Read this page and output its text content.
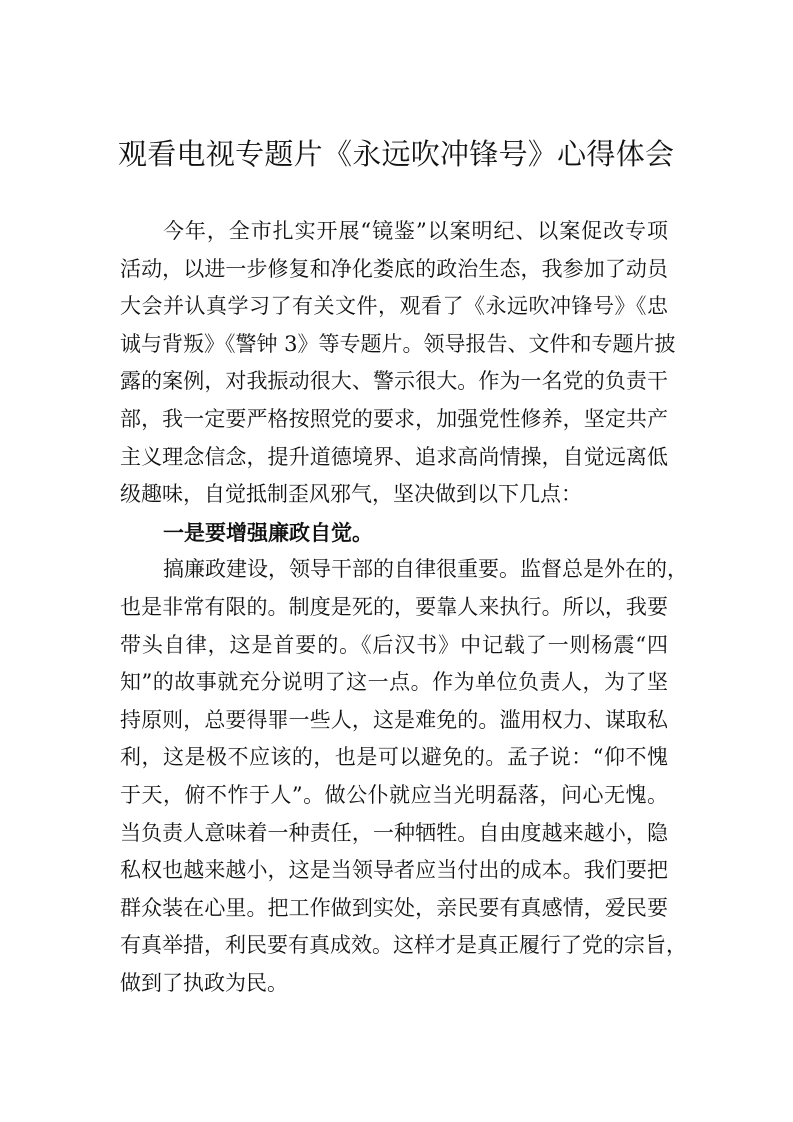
观看电视专题片《永远吹冲锋号》心得体会
今年，全市扎实开展“镜鉴”以案明纪、以案促改专项
活动，以进一步修复和净化娄底的政治生态，我参加了动员
大会并认真学习了有关文件，观看了《永远吹冲锋号》《忠
诚与背叛》《警钟 3》等专题片。领导报告、文件和专题片披
露的案例，对我振动很大、警示很大。作为一名党的负责干
部，我一定要严格按照党的要求，加强党性修养，坚定共产
主义理念信念，提升道德境界、追求高尚情操，自觉远离低
级趣味，自觉抵制歪风邪气，坚决做到以下几点：
一是要增强廉政自觉。
搞廉政建设，领导干部的自律很重要。监督总是外在的，
也是非常有限的。制度是死的，要靠人来执行。所以，我要
带头自律，这是首要的。《后汉书》中记载了一则杨震“四
知”的故事就充分说明了这一点。作为单位负责人，为了坚
持原则，总要得罪一些人，这是难免的。滥用权力、谋取私
利，这是极不应该的，也是可以避免的。孟子说：“仰不愧
于天，俯不怍于人”。做公仆就应当光明磊落，问心无愧。
当负责人意味着一种责任，一种牺牲。自由度越来越小，隐
私权也越来越小，这是当领导者应当付出的成本。我们要把
群众装在心里。把工作做到实处，亲民要有真感情，爱民要
有真举措，利民要有真成效。这样才是真正履行了党的宗旨，
做到了执政为民。
